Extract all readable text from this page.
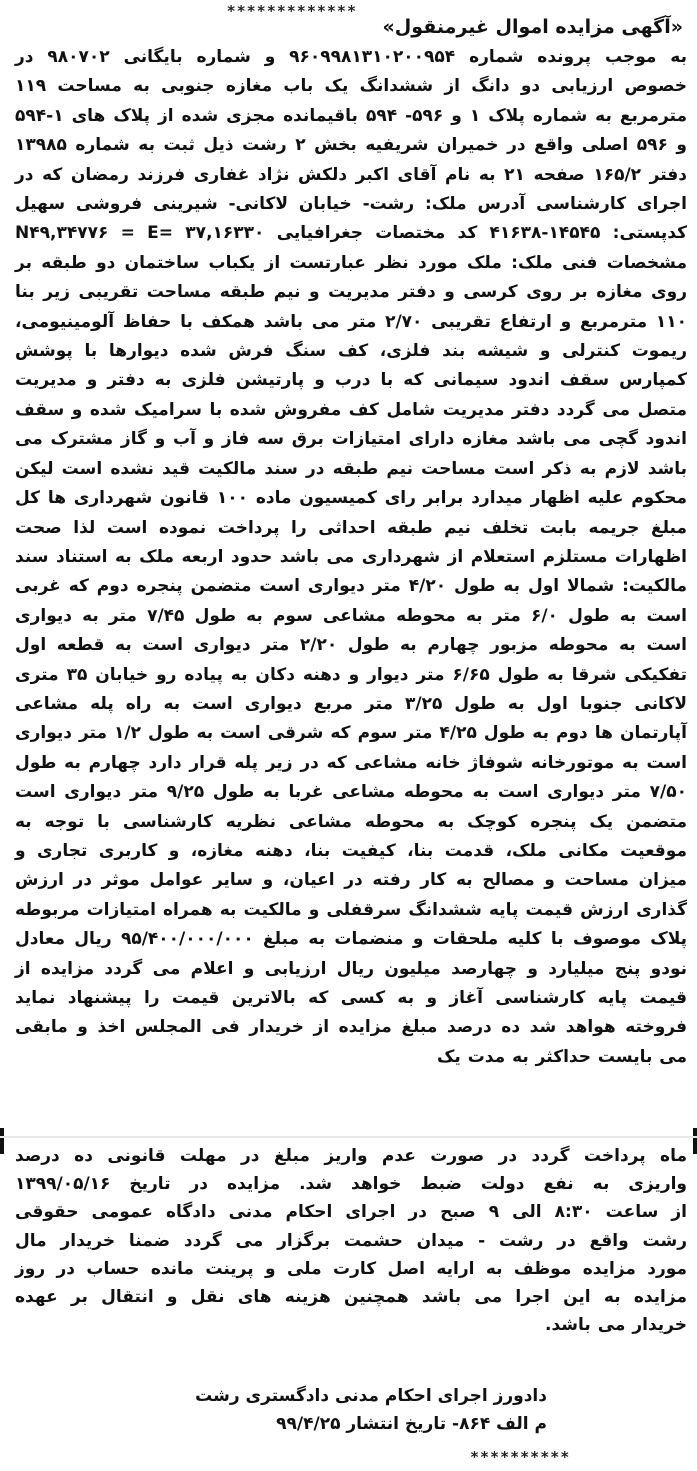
*************
«آگهی مزایده اموال غیرمنقول»
به موجب پرونده شماره ۹۶۰۹۹۸۱۳۱۰۲۰۰۹۵۴ و شماره بایگانی ۹۸۰۷۰۲ در خصوص ارزیابی دو دانگ از ششدانگ یک باب مغازه جنوبی به مساحت ۱۱۹ مترمربع به شماره پلاک ۱ و ۵۹۶- ۵۹۴ باقیمانده مجزی شده از پلاک های ۱-۵۹۴ و ۵۹۶ اصلی واقع در خمیران شریفیه بخش ۲ رشت ذیل ثبت به شماره ۱۳۹۸۵ دفتر ۱۶۵/۲ صفحه ۲۱ به نام آقای اکبر دلکش نژاد غفاری فرزند رمضان که در اجرای کارشناسی آدرس ملک: رشت- خیابان لاکانی- شیرینی فروشی سهیل کدپستی: ۱۴۵۴۵-۴۱۶۳۸ کد مختصات جغرافیایی N۴۹,۳۴۷۷۶ = E= ۳۷,۱۶۳۳۰ مشخصات فنی ملک: ملک مورد نظر عبارتست از یکباب ساختمان دو طبقه بر روی مغازه بر روی کرسی و دفتر مدیریت و نیم طبقه مساحت تقریبی زیر بنا ۱۱۰ مترمربع و ارتفاع تقریبی ۲/۷۰ متر می باشد همکف با حفاظ آلومینیومی، ریموت کنترلی و شیشه بند فلزی، کف سنگ فرش شده دیوارها با پوشش کمپارس سقف اندود سیمانی که با درب و پارتیشن فلزی به دفتر و مدیریت متصل می گردد دفتر مدیریت شامل کف مفروش شده با سرامیک شده و سقف اندود گچی می باشد مغازه دارای امتیازات برق سه فاز و آب و گاز مشترک می باشد لازم به ذکر است مساحت نیم طبقه در سند مالکیت قید نشده است لیکن محکوم علیه اظهار میدارد برابر رای کمیسیون ماده ۱۰۰ قانون شهرداری ها کل مبلغ جریمه بابت تخلف نیم طبقه احداثی را پرداخت نموده است لذا صحت اظهارات مستلزم استعلام از شهرداری می باشد حدود اربعه ملک به استناد سند مالکیت: شمالا اول به طول ۴/۲۰ متر دیواری است متضمن پنجره دوم که غربی است به طول ۶/۰ متر به محوطه مشاعی سوم به طول ۷/۴۵ متر به دیواری است به محوطه مزبور چهارم به طول ۲/۲۰ متر دیواری است به قطعه اول تفکیکی شرقا به طول ۶/۶۵ متر دیوار و دهنه دکان به پیاده رو خیابان ۳۵ متری لاکانی جنوبا اول به طول ۳/۲۵ متر مربع دیواری است به راه پله مشاعی آپارتمان ها دوم به طول ۴/۲۵ متر سوم که شرقی است به طول ۱/۲ متر دیواری است به موتورخانه شوفاژ خانه مشاعی که در زیر پله قرار دارد چهارم به طول ۷/۵۰ متر دیواری است به محوطه مشاعی غربا به طول ۹/۲۵ متر دیواری است متضمن یک پنجره کوچک به محوطه مشاعی نظریه کارشناسی با توجه به موقعیت مکانی ملک، قدمت بنا، کیفیت بنا، دهنه مغازه، و کاربری تجاری و میزان مساحت و مصالح به کار رفته در اعیان، و سایر عوامل موثر در ارزش گذاری ارزش قیمت پایه ششدانگ سرقفلی و مالکیت به همراه امتیازات مربوطه پلاک موصوف با کلیه ملحقات و منضمات به مبلغ ۹۵/۴۰۰/۰۰۰/۰۰۰ ریال معادل نودو پنج میلیارد و چهارصد میلیون ریال ارزیابی و اعلام می گردد مزایده از قیمت پایه کارشناسی آغاز و به کسی که بالاترین قیمت را پیشنهاد نماید فروخته هواهد شد ده درصد مبلغ مزایده از خریدار فی المجلس اخذ و مابقی می بایست حداکثر به مدت یک
ماه پرداخت گردد در صورت عدم واریز مبلغ در مهلت قانونی ده درصد
واریزی به نفع دولت ضبط خواهد شد. مزایده در تاریخ ۱۳۹۹/۰۵/۱۶
از ساعت ۸:۳۰ الی ۹ صبح در اجرای احکام مدنی دادگاه عمومی حقوقی
رشت واقع در رشت - میدان حشمت برگزار می گردد ضمنا خریدار مال
مورد مزایده موظف به ارایه اصل کارت ملی و پرینت مانده حساب در روز
مزایده به این اجرا می باشد همچنین هزینه های نقل و انتقال بر عهده
خریدار می باشد.
دادورز اجرای احکام مدنی دادگستری رشت
م الف ۸۶۴- تاریخ انتشار ۹۹/۴/۲۵
**********
